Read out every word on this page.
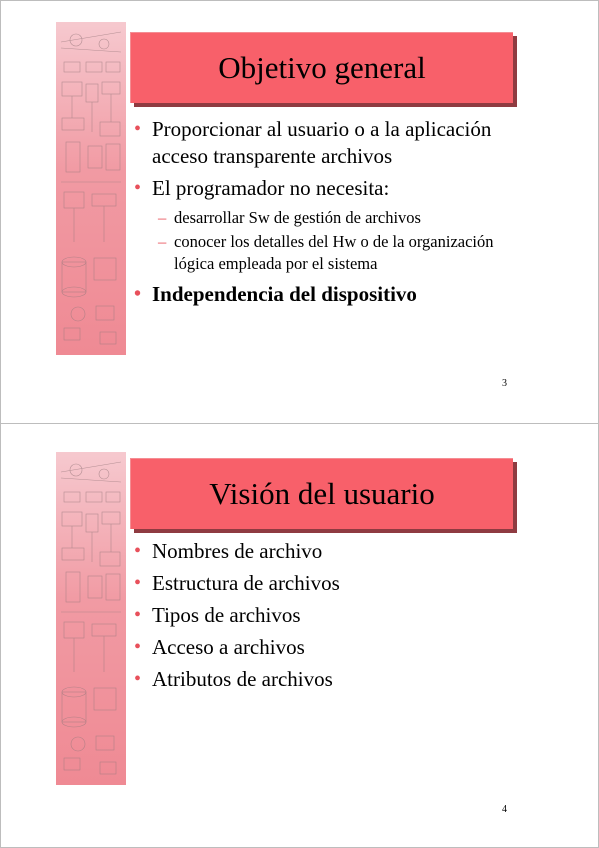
Objetivo general
• Proporcionar al usuario o a la aplicación acceso transparente archivos
• El programador no necesita:
– desarrollar Sw de gestión de archivos
– conocer los detalles del Hw o de la organización lógica empleada por el sistema
• Independencia del dispositivo
3
Visión del usuario
• Nombres de archivo
• Estructura de archivos
• Tipos de archivos
• Acceso a archivos
• Atributos de archivos
4
